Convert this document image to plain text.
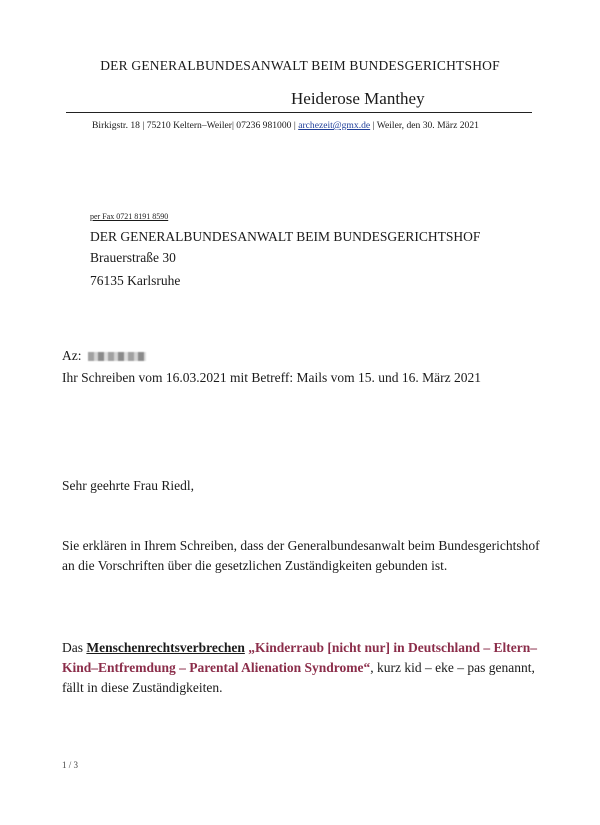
DER GENERALBUNDESANWALT BEIM BUNDESGERICHTSHOF
Heiderose Manthey
Birkigstr. 18 | 75210 Keltern–Weiler| 07236 981000 | archezeit@gmx.de | Weiler, den 30. März 2021
per Fax 0721 8191 8590
DER GENERALBUNDESANWALT BEIM BUNDESGERICHTSHOF
Brauerstraße 30
76135 Karlsruhe
Az:
Ihr Schreiben vom 16.03.2021 mit Betreff: Mails vom 15. und 16. März 2021
Sehr geehrte Frau Riedl,
Sie erklären in Ihrem Schreiben, dass der Generalbundesanwalt beim Bundesgerichtshof an die Vorschriften über die gesetzlichen Zuständigkeiten gebunden ist.
Das Menschenrechtsverbrechen „Kinderraub [nicht nur] in Deutschland – Eltern–Kind–Entfremdung – Parental Alienation Syndrome“, kurz kid – eke – pas genannt, fällt in diese Zuständigkeiten.
1 / 3
